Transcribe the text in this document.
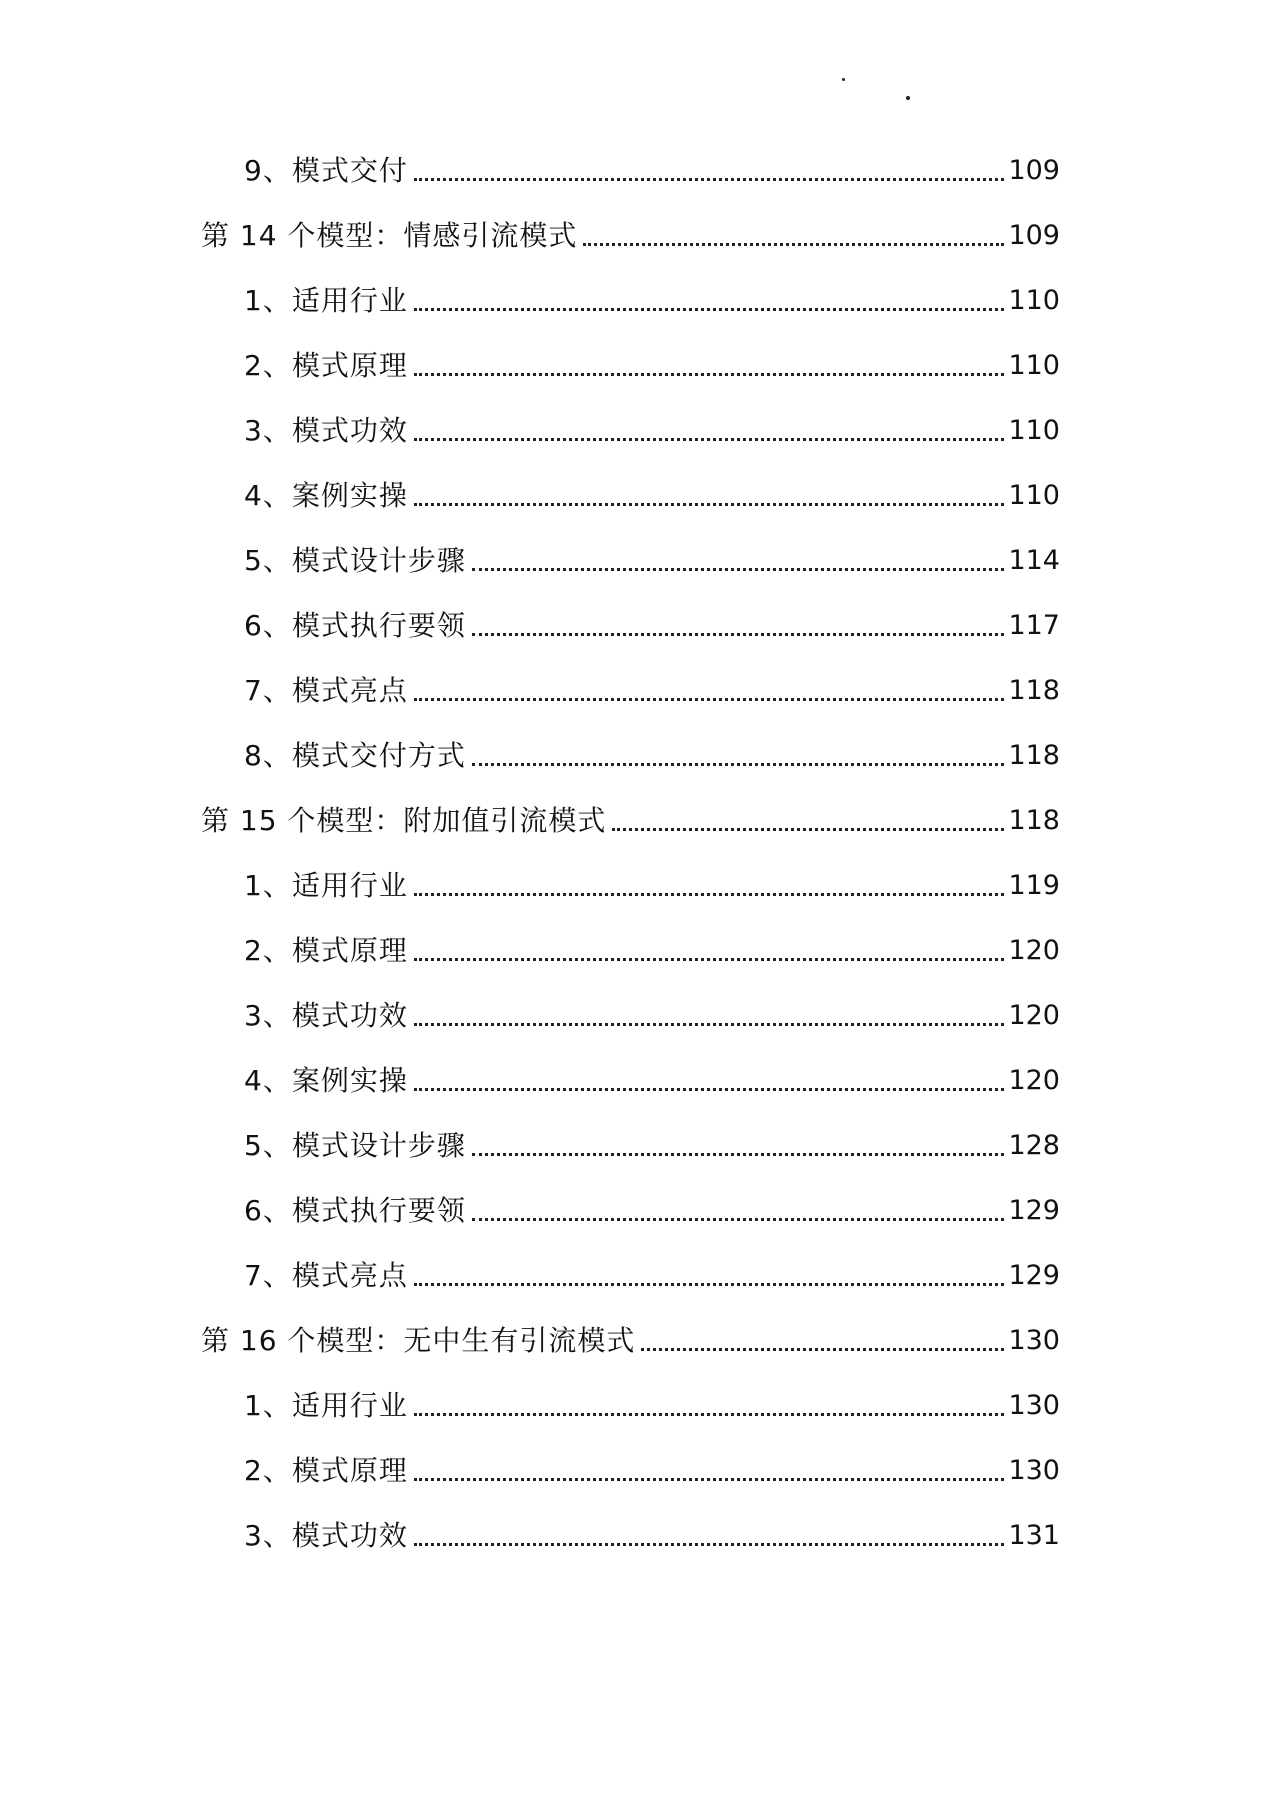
9、模式交付	109
第 14 个模型：情感引流模式	109
1、适用行业	110
2、模式原理	110
3、模式功效	110
4、案例实操	110
5、模式设计步骤	114
6、模式执行要领	117
7、模式亮点	118
8、模式交付方式	118
第 15 个模型：附加值引流模式	118
1、适用行业	119
2、模式原理	120
3、模式功效	120
4、案例实操	120
5、模式设计步骤	128
6、模式执行要领	129
7、模式亮点	129
第 16 个模型：无中生有引流模式	130
1、适用行业	130
2、模式原理	130
3、模式功效	131
